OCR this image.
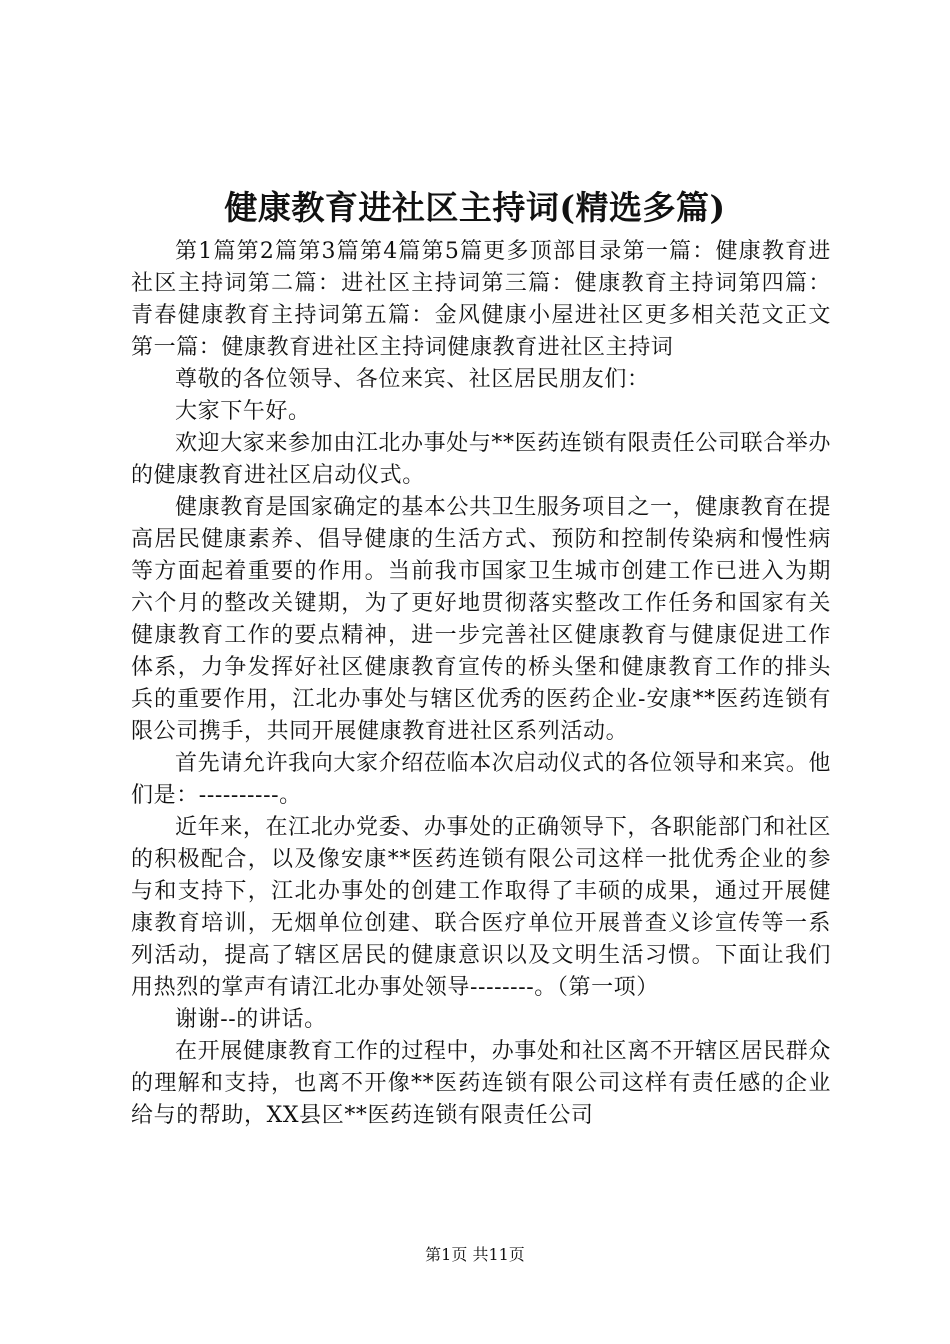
健康教育进社区主持词(精选多篇)

第1篇第2篇第3篇第4篇第5篇更多顶部目录第一篇：健康教育进社区主持词第二篇：进社区主持词第三篇：健康教育主持词第四篇：青春健康教育主持词第五篇：金风健康小屋进社区更多相关范文正文第一篇：健康教育进社区主持词健康教育进社区主持词

尊敬的各位领导、各位来宾、社区居民朋友们：

大家下午好。

欢迎大家来参加由江北办事处与**医药连锁有限责任公司联合举办的健康教育进社区启动仪式。

健康教育是国家确定的基本公共卫生服务项目之一，健康教育在提高居民健康素养、倡导健康的生活方式、预防和控制传染病和慢性病等方面起着重要的作用。当前我市国家卫生城市创建工作已进入为期六个月的整改关键期，为了更好地贯彻落实整改工作任务和国家有关健康教育工作的要点精神，进一步完善社区健康教育与健康促进工作体系，力争发挥好社区健康教育宣传的桥头堡和健康教育工作的排头兵的重要作用，江北办事处与辖区优秀的医药企业-安康**医药连锁有限公司携手，共同开展健康教育进社区系列活动。

首先请允许我向大家介绍莅临本次启动仪式的各位领导和来宾。他们是：----------。

近年来，在江北办党委、办事处的正确领导下，各职能部门和社区的积极配合，以及像安康**医药连锁有限公司这样一批优秀企业的参与和支持下，江北办事处的创建工作取得了丰硕的成果，通过开展健康教育培训，无烟单位创建、联合医疗单位开展普查义诊宣传等一系列活动，提高了辖区居民的健康意识以及文明生活习惯。下面让我们用热烈的掌声有请江北办事处领导--------。（第一项）

谢谢--的讲话。

在开展健康教育工作的过程中，办事处和社区离不开辖区居民群众的理解和支持，也离不开像**医药连锁有限公司这样有责任感的企业给与的帮助，XX县区**医药连锁有限责任公司

第1页 共11页
